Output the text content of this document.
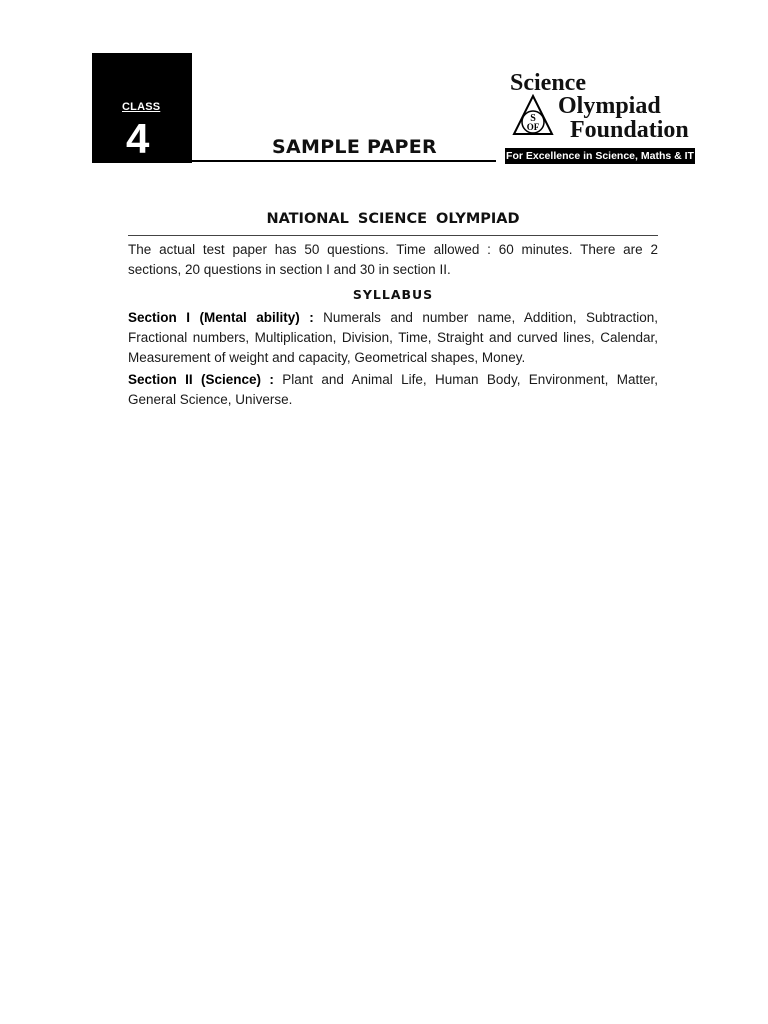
CLASS
4	SAMPLE PAPER
Science
S
OF
Olympiad
Foundation
For Excellence in Science, Maths & IT
NATIONAL SCIENCE OLYMPIAD
The actual test paper has 50 questions. Time allowed : 60 minutes. There are 2 sections, 20 questions in section I and 30 in section II.
SYLLABUS
Section I (Mental ability) : Numerals and number name, Addition, Subtraction, Fractional numbers, Multiplication, Division, Time, Straight and curved lines, Calendar, Measurement of weight and capacity, Geometrical shapes, Money.
Section II (Science) : Plant and Animal Life, Human Body, Environment, Matter, General Science, Universe.
